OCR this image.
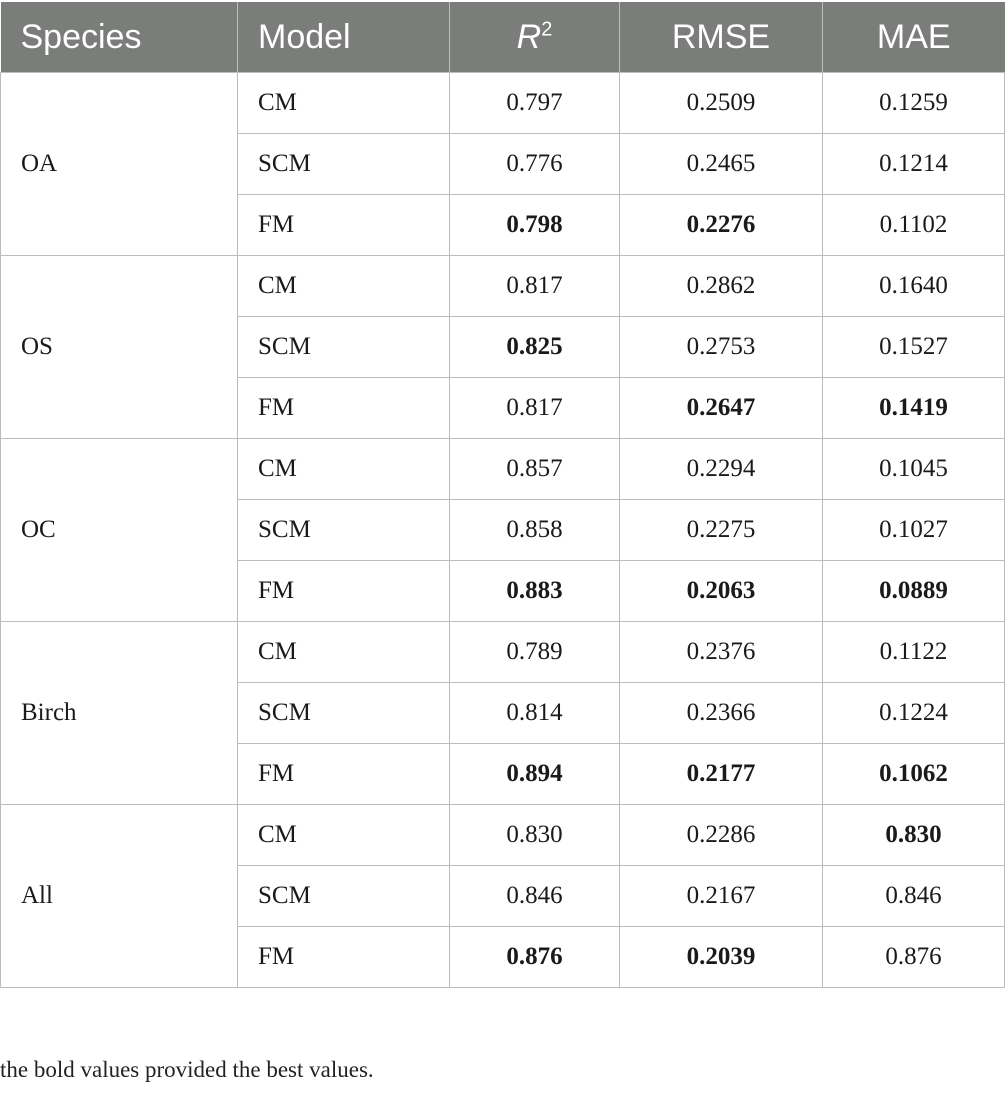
Species	Model	$R^2$	RMSE	MAE
OA	CM	0.797	0.2509	0.1259
	SCM	0.776	0.2465	0.1214
	FM	0.798	0.2276	0.1102
OS	CM	0.817	0.2862	0.1640
	SCM	0.825	0.2753	0.1527
	FM	0.817	0.2647	0.1419
OC	CM	0.857	0.2294	0.1045
	SCM	0.858	0.2275	0.1027
	FM	0.883	0.2063	0.0889
Birch	CM	0.789	0.2376	0.1122
	SCM	0.814	0.2366	0.1224
	FM	0.894	0.2177	0.1062
All	CM	0.830	0.2286	0.830
	SCM	0.846	0.2167	0.846
	FM	0.876	0.2039	0.876
the bold values provided the best values.
